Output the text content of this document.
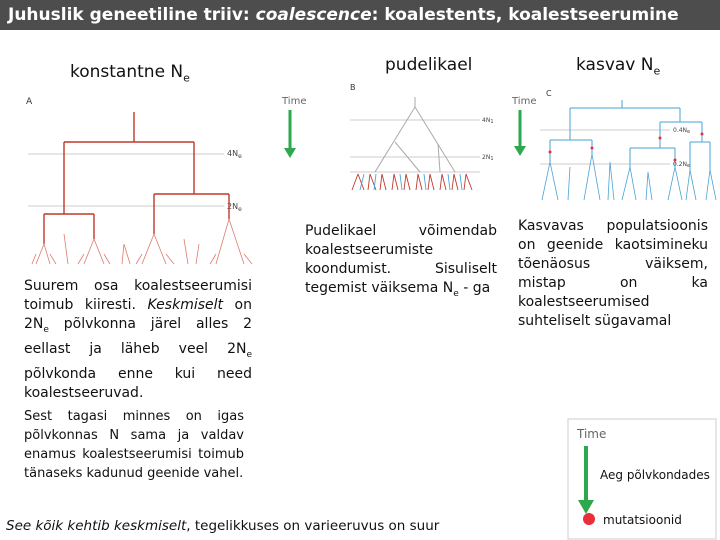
Juhuslik geneetiline triiv: coalescence: koalestents, koalestseerumine
konstantne $N_e$
pudelikael	kasvav $N_e$
A
$4N_e$
$2N_e$
B
Time
4N1
2N1
C
Time
0.4Ne
0.2Ne

Suurem osa koalestseerumisi toimub kiiresti. Keskmiselt on $2N_e$ põlvkonna järel alles 2 eellast ja läheb veel $2N_e$ põlvkonda enne kui need koalestseeruvad.

Sest tagasi minnes on igas põlvkonnas N sama ja valdav enamus koalestseerumisi toimub tänaseks kadunud geenide vahel.
Pudelikael võimendab koalestseerumiste koondumist. Sisuliselt tegemist väiksema $N_e$ - ga
Kasvavas populatsioonis on geenide kaotsimineku tõenäosus väiksem, mistap on ka koalestseerumised suhteliselt sügavamal
Time
Aeg põlvkondades
mutatsioonid
See kõik kehtib keskmiselt, tegelikkuses on varieeruvus on suur
